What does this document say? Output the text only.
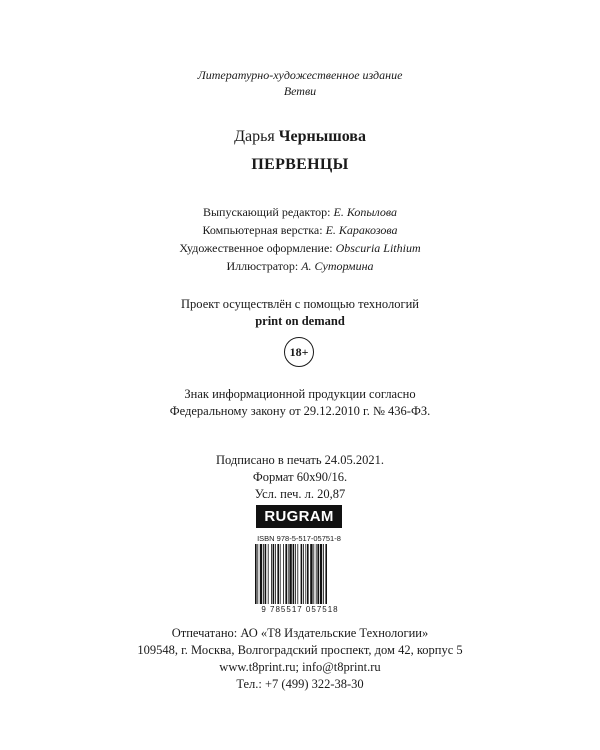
Литературно-художественное издание
Ветви
Дарья Чернышова
ПЕРВЕНЦЫ
Выпускающий редактор: Е. Копылова
Компьютерная верстка: Е. Каракозова
Художественное оформление: Obscuria Lithium
Иллюстратор: А. Сутормина
Проект осуществлён с помощью технологий
print on demand
18+
Знак информационной продукции согласно
Федеральному закону от 29.12.2010 г. № 436-ФЗ.
Подписано в печать 24.05.2021.
Формат 60х90/16.
Усл. печ. л. 20,87
RUGRAM
ISBN 978-5-517-05751-8
9 785517 057518
Отпечатано: АО «Т8 Издательские Технологии»
109548, г. Москва, Волгоградский проспект, дом 42, корпус 5
www.t8print.ru; info@t8print.ru
Тел.: +7 (499) 322-38-30
